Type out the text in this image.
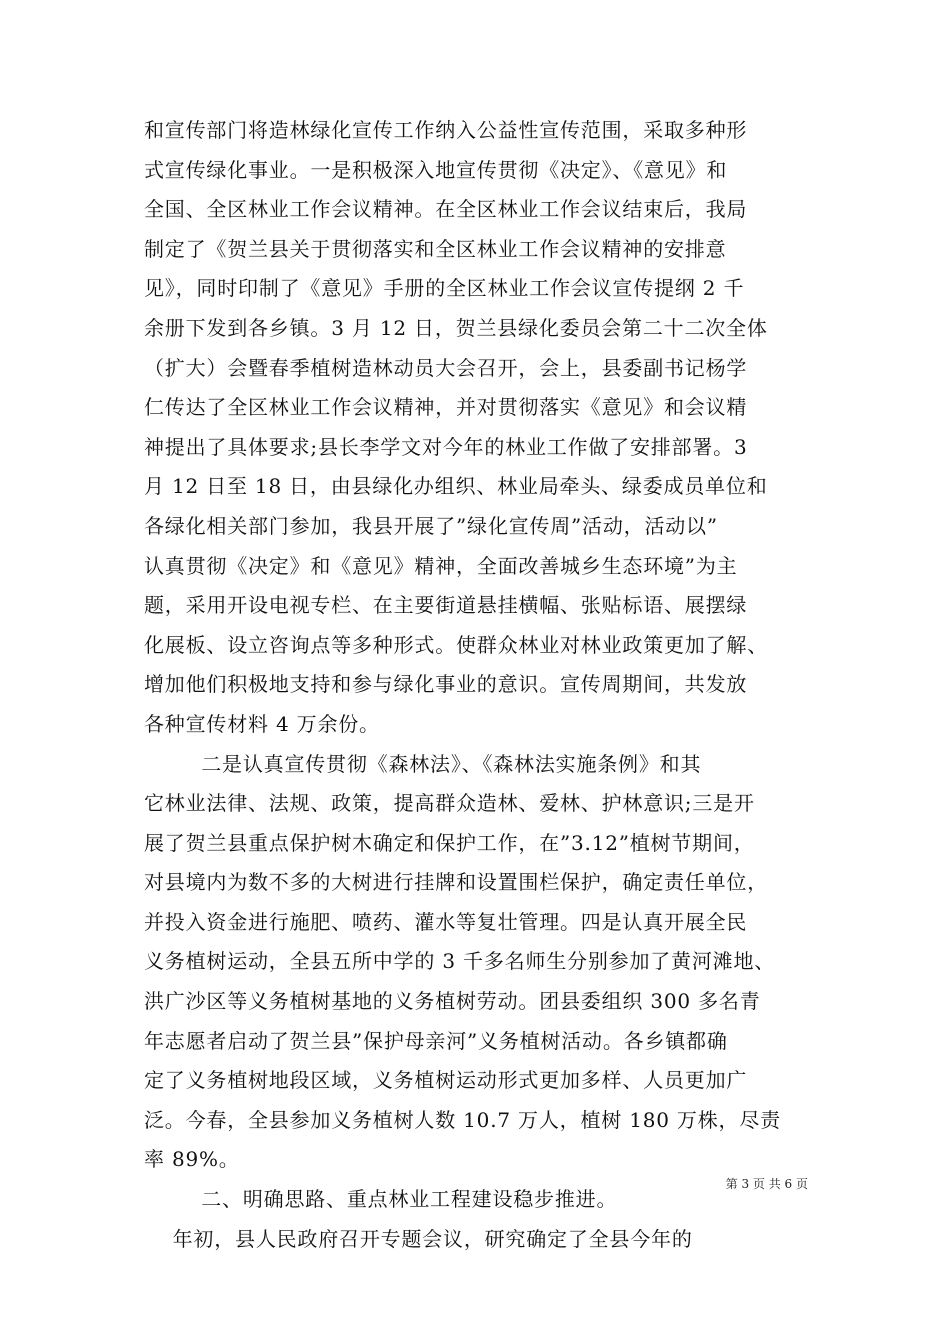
和宣传部门将造林绿化宣传工作纳入公益性宣传范围，采取多种形
式宣传绿化事业。一是积极深入地宣传贯彻《决定》、《意见》和
全国、全区林业工作会议精神。在全区林业工作会议结束后，我局
制定了《贺兰县关于贯彻落实和全区林业工作会议精神的安排意
见》，同时印制了《意见》手册的全区林业工作会议宣传提纲 2 千
余册下发到各乡镇。3 月 12 日，贺兰县绿化委员会第二十二次全体
（扩大）会暨春季植树造林动员大会召开，会上，县委副书记杨学
仁传达了全区林业工作会议精神，并对贯彻落实《意见》和会议精
神提出了具体要求;县长李学文对今年的林业工作做了安排部署。3
月 12 日至 18 日，由县绿化办组织、林业局牵头、绿委成员单位和
各绿化相关部门参加，我县开展了”绿化宣传周”活动，活动以”
认真贯彻《决定》和《意见》精神，全面改善城乡生态环境”为主
题，采用开设电视专栏、在主要街道悬挂横幅、张贴标语、展摆绿
化展板、设立咨询点等多种形式。使群众林业对林业政策更加了解、
增加他们积极地支持和参与绿化事业的意识。宣传周期间，共发放
各种宣传材料 4 万余份。
二是认真宣传贯彻《森林法》、《森林法实施条例》和其
它林业法律、法规、政策，提高群众造林、爱林、护林意识;三是开
展了贺兰县重点保护树木确定和保护工作，在”3.12”植树节期间，
对县境内为数不多的大树进行挂牌和设置围栏保护，确定责任单位，
并投入资金进行施肥、喷药、灌水等复壮管理。四是认真开展全民
义务植树运动，全县五所中学的 3 千多名师生分别参加了黄河滩地、
洪广沙区等义务植树基地的义务植树劳动。团县委组织 300 多名青
年志愿者启动了贺兰县”保护母亲河”义务植树活动。各乡镇都确
定了义务植树地段区域，义务植树运动形式更加多样、人员更加广
泛。今春，全县参加义务植树人数 10.7 万人，植树 180 万株，尽责
率 89%。
二、明确思路、重点林业工程建设稳步推进。
年初，县人民政府召开专题会议，研究确定了全县今年的
第 3 页 共 6 页
